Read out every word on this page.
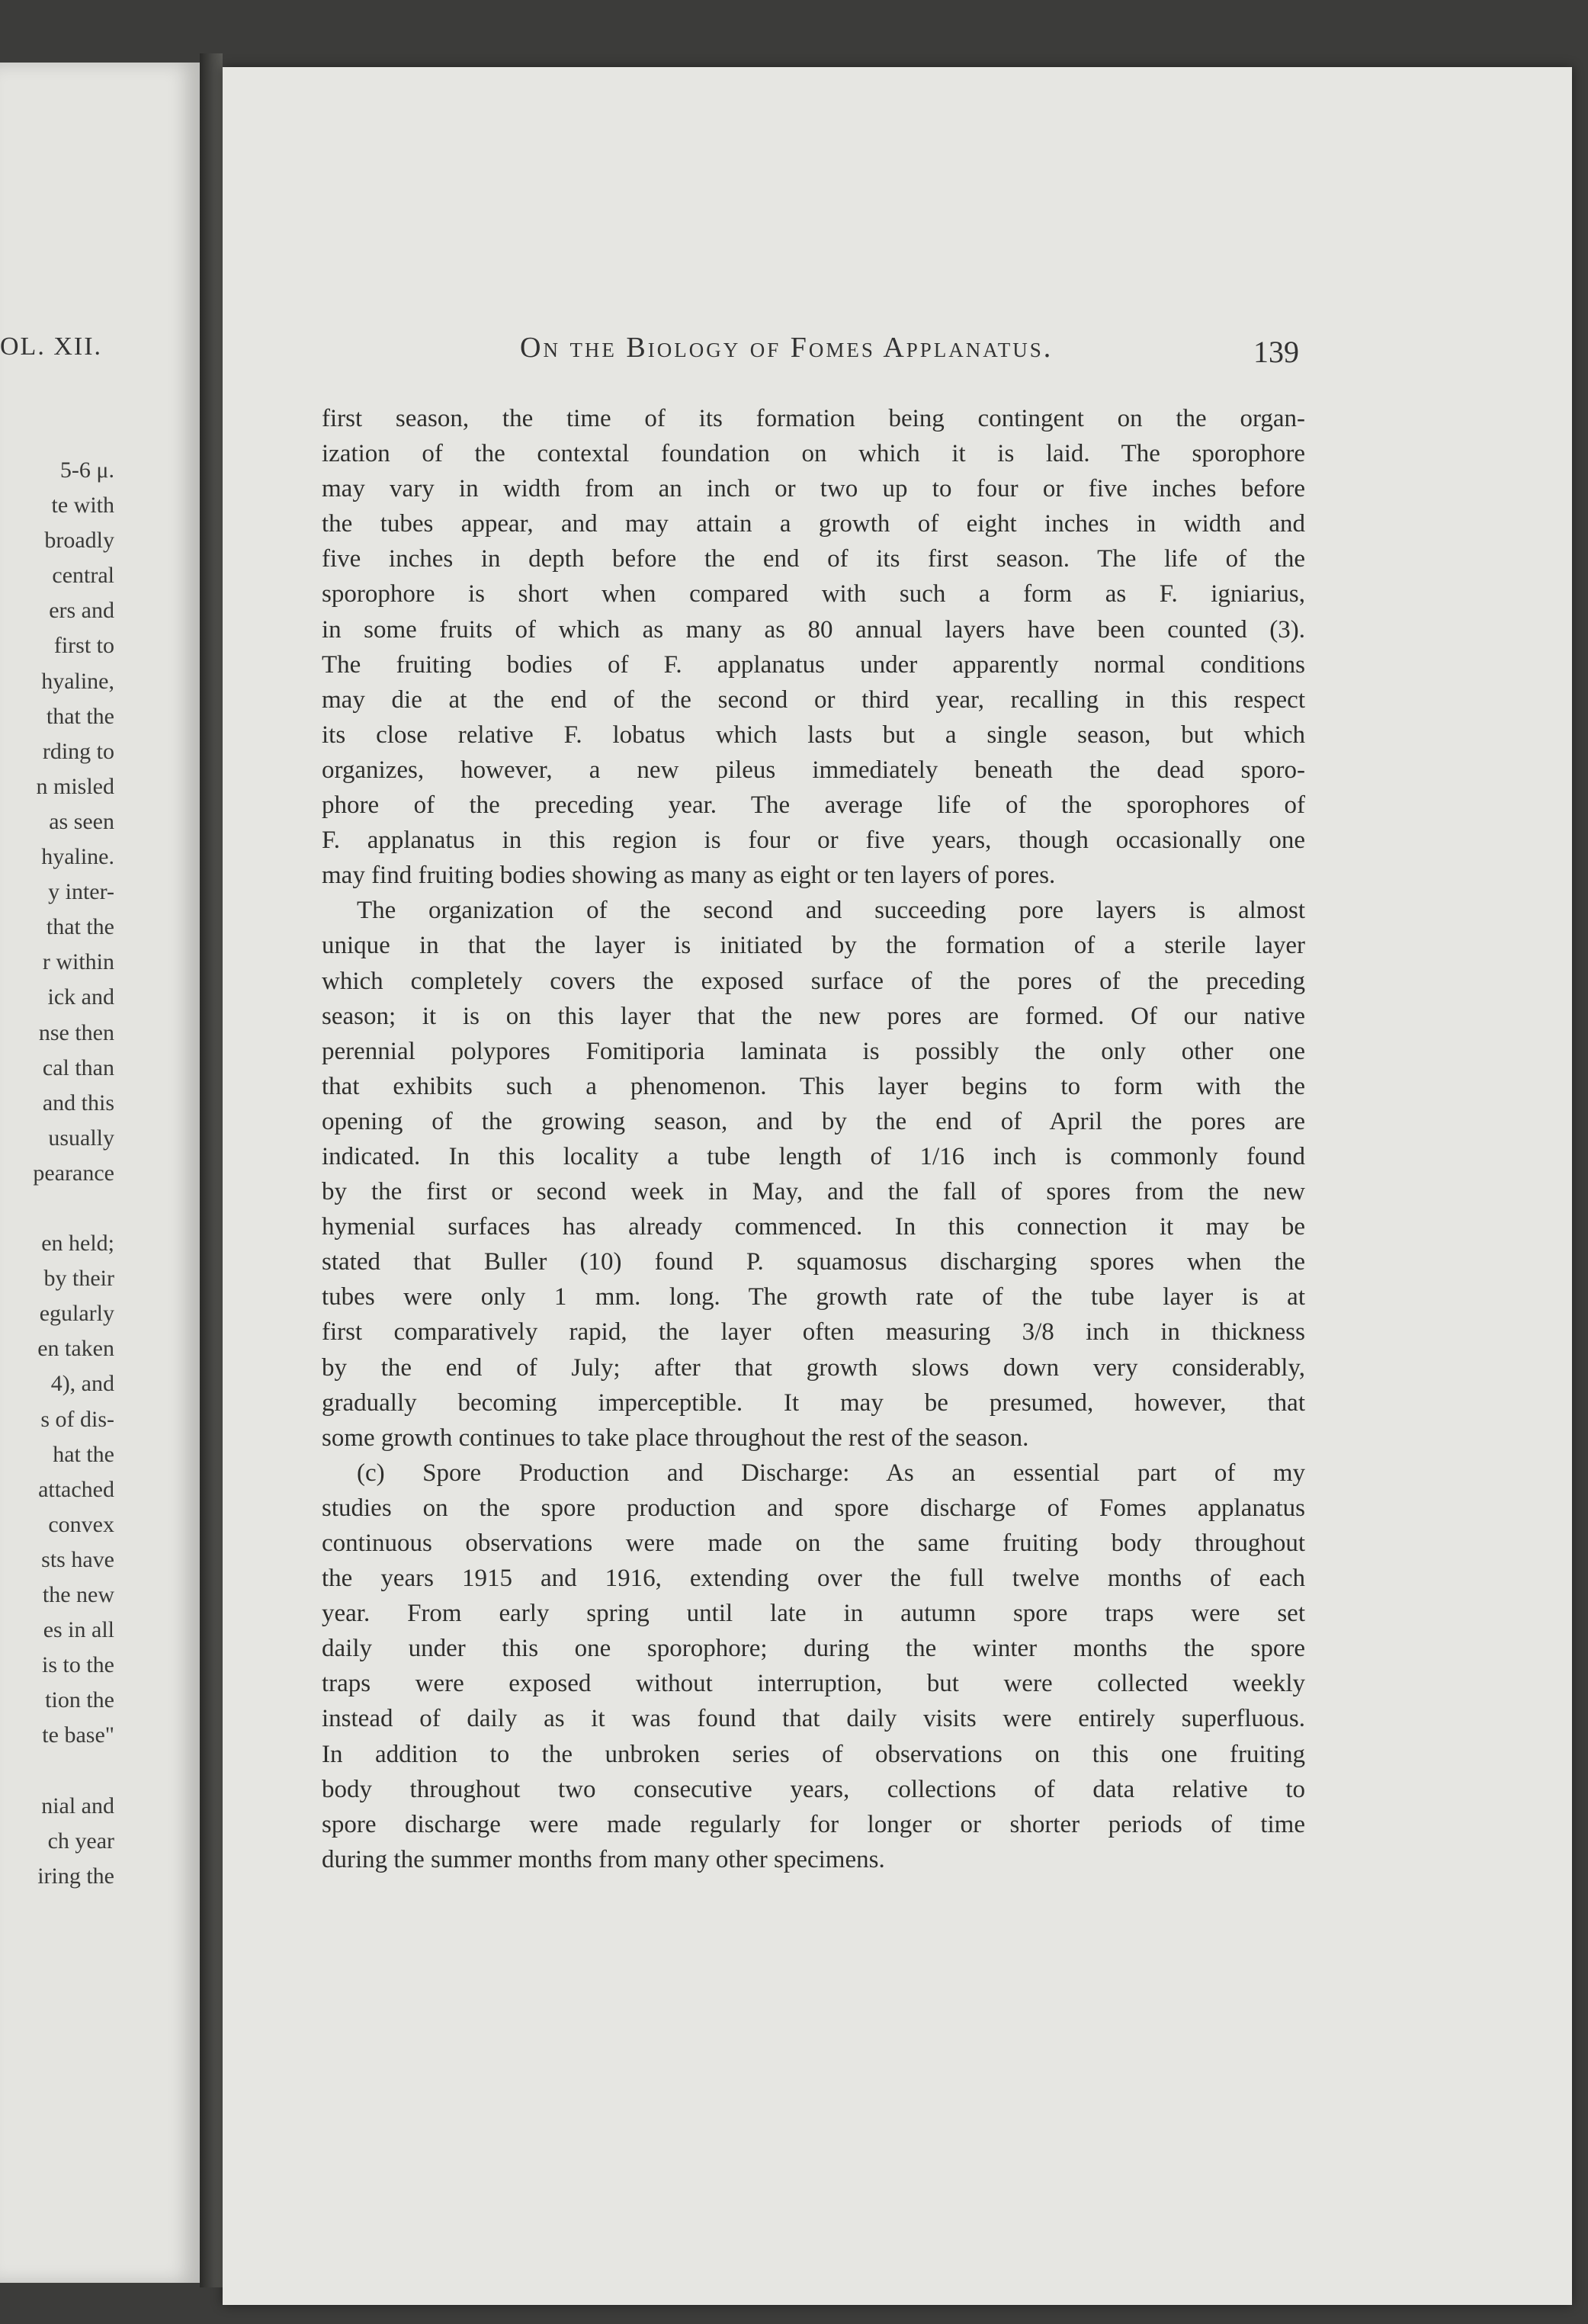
OL. XII.
5-6 μ.
te with
broadly
central
ers and
first to
hyaline,
that the
rding to
n misled
as seen
hyaline.
y inter-
that the
r within
ick and
nse then
cal than
and this
usually
pearance
en held;
by their
egularly
en taken
4), and
s of dis-
hat the
attached
convex
sts have
the new
es in all
is to the
tion the
te base"
nial and
ch year
iring the
On the Biology of Fomes Applanatus.	139
first season, the time of its formation being contingent on the organ-
ization of the contextal foundation on which it is laid. The sporophore
may vary in width from an inch or two up to four or five inches before
the tubes appear, and may attain a growth of eight inches in width and
five inches in depth before the end of its first season. The life of the
sporophore is short when compared with such a form as F. igniarius,
in some fruits of which as many as 80 annual layers have been counted (3).
The fruiting bodies of F. applanatus under apparently normal conditions
may die at the end of the second or third year, recalling in this respect
its close relative F. lobatus which lasts but a single season, but which
organizes, however, a new pileus immediately beneath the dead sporo-
phore of the preceding year. The average life of the sporophores of
F. applanatus in this region is four or five years, though occasionally one
may find fruiting bodies showing as many as eight or ten layers of pores.
The organization of the second and succeeding pore layers is almost
unique in that the layer is initiated by the formation of a sterile layer
which completely covers the exposed surface of the pores of the preceding
season; it is on this layer that the new pores are formed. Of our native
perennial polypores Fomitiporia laminata is possibly the only other one
that exhibits such a phenomenon. This layer begins to form with the
opening of the growing season, and by the end of April the pores are
indicated. In this locality a tube length of 1/16 inch is commonly found
by the first or second week in May, and the fall of spores from the new
hymenial surfaces has already commenced. In this connection it may be
stated that Buller (10) found P. squamosus discharging spores when the
tubes were only 1 mm. long. The growth rate of the tube layer is at
first comparatively rapid, the layer often measuring 3/8 inch in thickness
by the end of July; after that growth slows down very considerably,
gradually becoming imperceptible. It may be presumed, however, that
some growth continues to take place throughout the rest of the season.
(c) Spore Production and Discharge: As an essential part of my
studies on the spore production and spore discharge of Fomes applanatus
continuous observations were made on the same fruiting body throughout
the years 1915 and 1916, extending over the full twelve months of each
year. From early spring until late in autumn spore traps were set
daily under this one sporophore; during the winter months the spore
traps were exposed without interruption, but were collected weekly
instead of daily as it was found that daily visits were entirely superfluous.
In addition to the unbroken series of observations on this one fruiting
body throughout two consecutive years, collections of data relative to
spore discharge were made regularly for longer or shorter periods of time
during the summer months from many other specimens.
